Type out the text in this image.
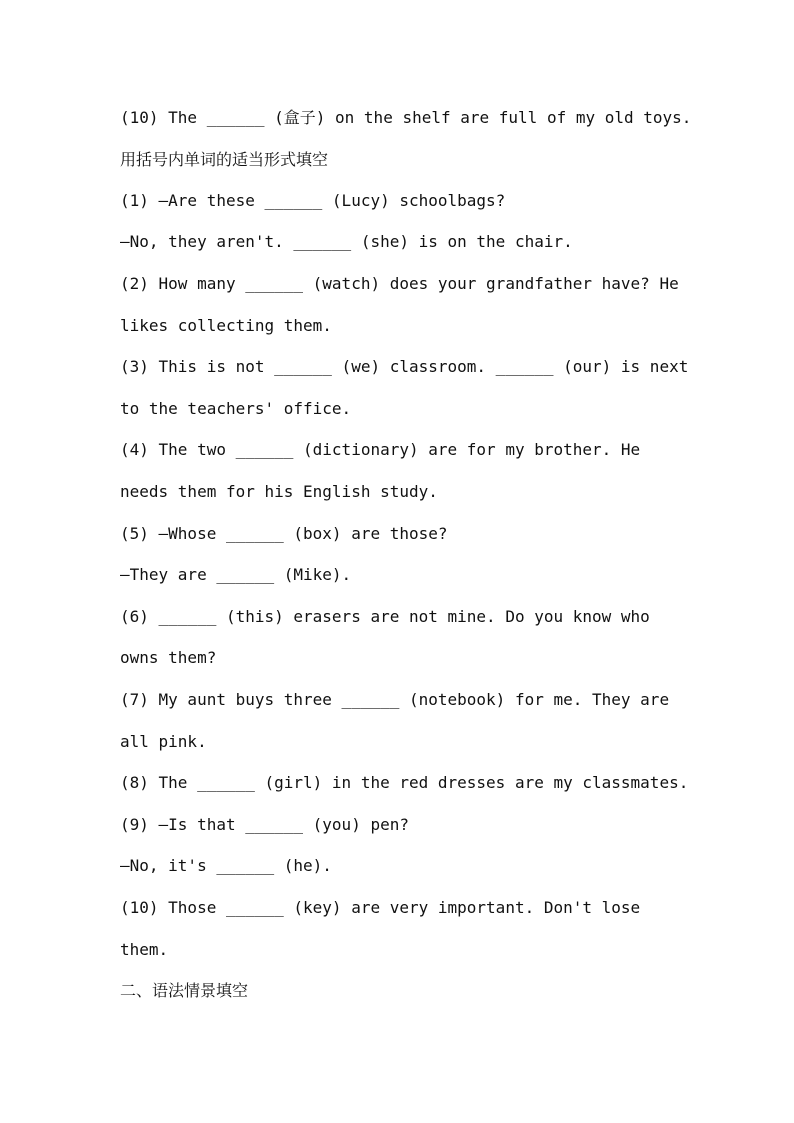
(10) The ______ (盒子) on the shelf are full of my old toys.
用括号内单词的适当形式填空
(1) —Are these ______ (Lucy) schoolbags?
—No, they aren't. ______ (she) is on the chair.
(2) How many ______ (watch) does your grandfather have? He
likes collecting them.
(3) This is not ______ (we) classroom. ______ (our) is next
to the teachers' office.
(4) The two ______ (dictionary) are for my brother. He
needs them for his English study.
(5) —Whose ______ (box) are those?
—They are ______ (Mike).
(6) ______ (this) erasers are not mine. Do you know who
owns them?
(7) My aunt buys three ______ (notebook) for me. They are
all pink.
(8) The ______ (girl) in the red dresses are my classmates.
(9) —Is that ______ (you) pen?
—No, it's ______ (he).
(10) Those ______ (key) are very important. Don't lose
them.
二、语法情景填空
